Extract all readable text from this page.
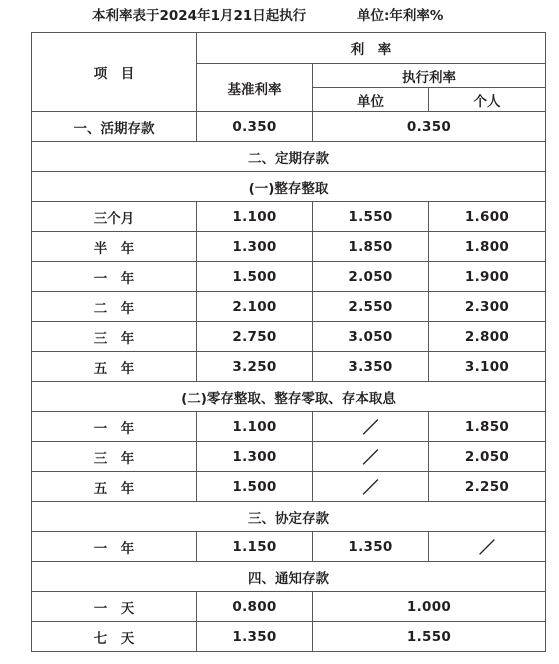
本利率表于2024年1月21日起执行	单位:年利率%
项　目	利　率		
	基准利率	执行利率	
		单位	个人
一、活期存款	0.350	0.350	
二、定期存款			
(一)整存整取			
三个月	1.100	1.550	1.600
半　年	1.300	1.850	1.800
一　年	1.500	2.050	1.900
二　年	2.100	2.550	2.300
三　年	2.750	3.050	2.800
五　年	3.250	3.350	3.100
(二)零存整取、整存零取、存本取息			
一　年	1.100	／	1.850
三　年	1.300	／	2.050
五　年	1.500	／	2.250
三、协定存款			
一　年	1.150	1.350	／
四、通知存款			
一　天	0.800	1.000	
七　天	1.350	1.550	
